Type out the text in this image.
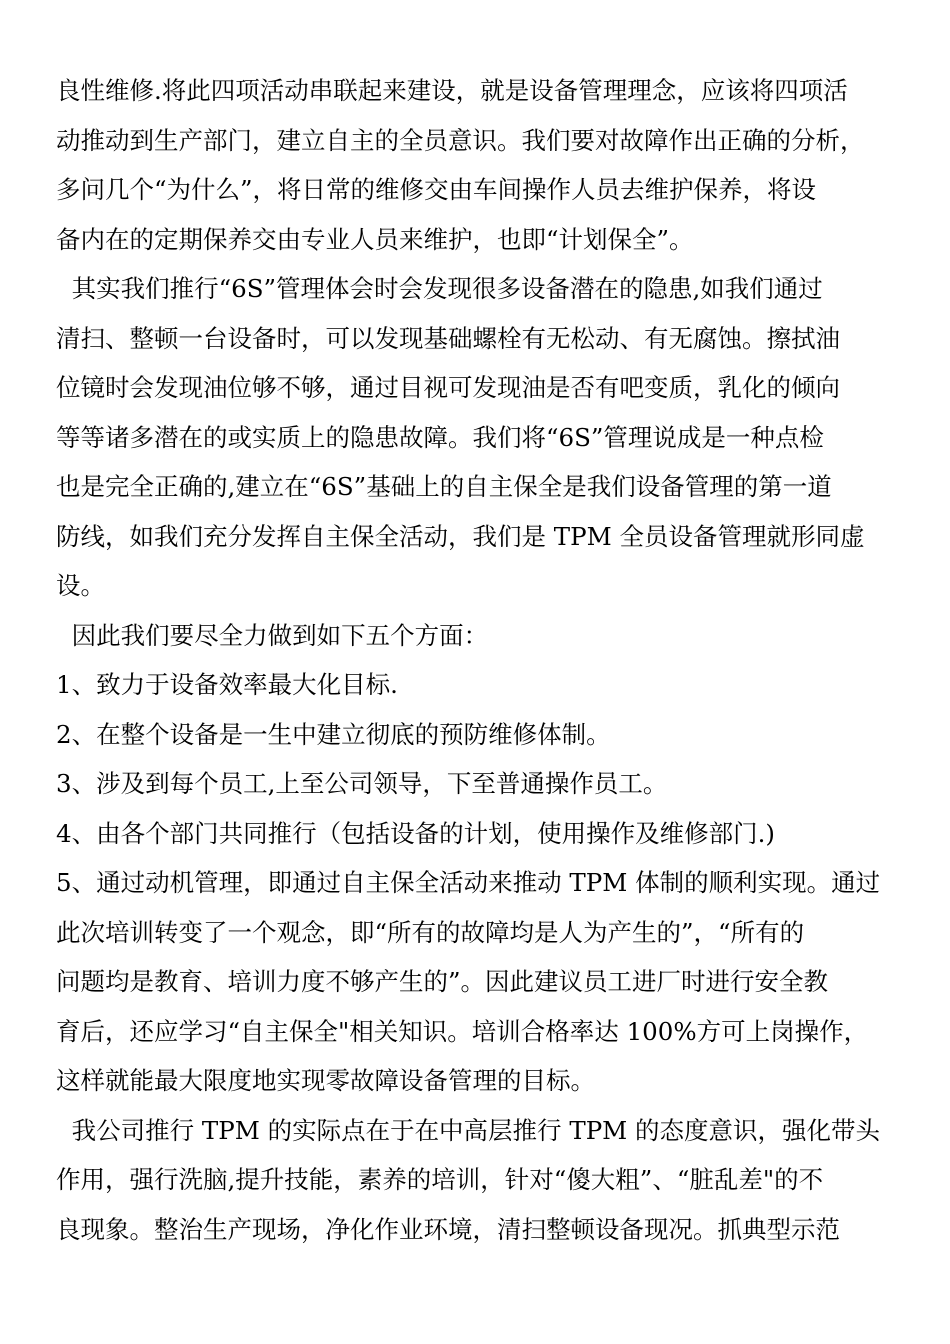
良性维修.将此四项活动串联起来建设，就是设备管理理念，应该将四项活
动推动到生产部门，建立自主的全员意识。我们要对故障作出正确的分析，
多问几个“为什么”，将日常的维修交由车间操作人员去维护保养，将设
备内在的定期保养交由专业人员来维护，也即“计划保全”。
其实我们推行“6S”管理体会时会发现很多设备潜在的隐患,如我们通过
清扫、整顿一台设备时，可以发现基础螺栓有无松动、有无腐蚀。擦拭油
位镜时会发现油位够不够，通过目视可发现油是否有吧变质，乳化的倾向
等等诸多潜在的或实质上的隐患故障。我们将“6S”管理说成是一种点检
也是完全正确的,建立在“6S”基础上的自主保全是我们设备管理的第一道
防线，如我们充分发挥自主保全活动，我们是 TPM 全员设备管理就形同虚
设。
因此我们要尽全力做到如下五个方面：
1、致力于设备效率最大化目标.
2、在整个设备是一生中建立彻底的预防维修体制。
3、涉及到每个员工,上至公司领导，下至普通操作员工。
4、由各个部门共同推行（包括设备的计划，使用操作及维修部门.)
5、通过动机管理，即通过自主保全活动来推动 TPM 体制的顺利实现。通过
此次培训转变了一个观念，即“所有的故障均是人为产生的”，“所有的
问题均是教育、培训力度不够产生的”。因此建议员工进厂时进行安全教
育后，还应学习“自主保全"相关知识。培训合格率达 100%方可上岗操作，
这样就能最大限度地实现零故障设备管理的目标。
我公司推行 TPM 的实际点在于在中高层推行 TPM 的态度意识，强化带头
作用，强行洗脑,提升技能，素养的培训，针对“傻大粗”、“脏乱差"的不
良现象。整治生产现场，净化作业环境，清扫整顿设备现况。抓典型示范
